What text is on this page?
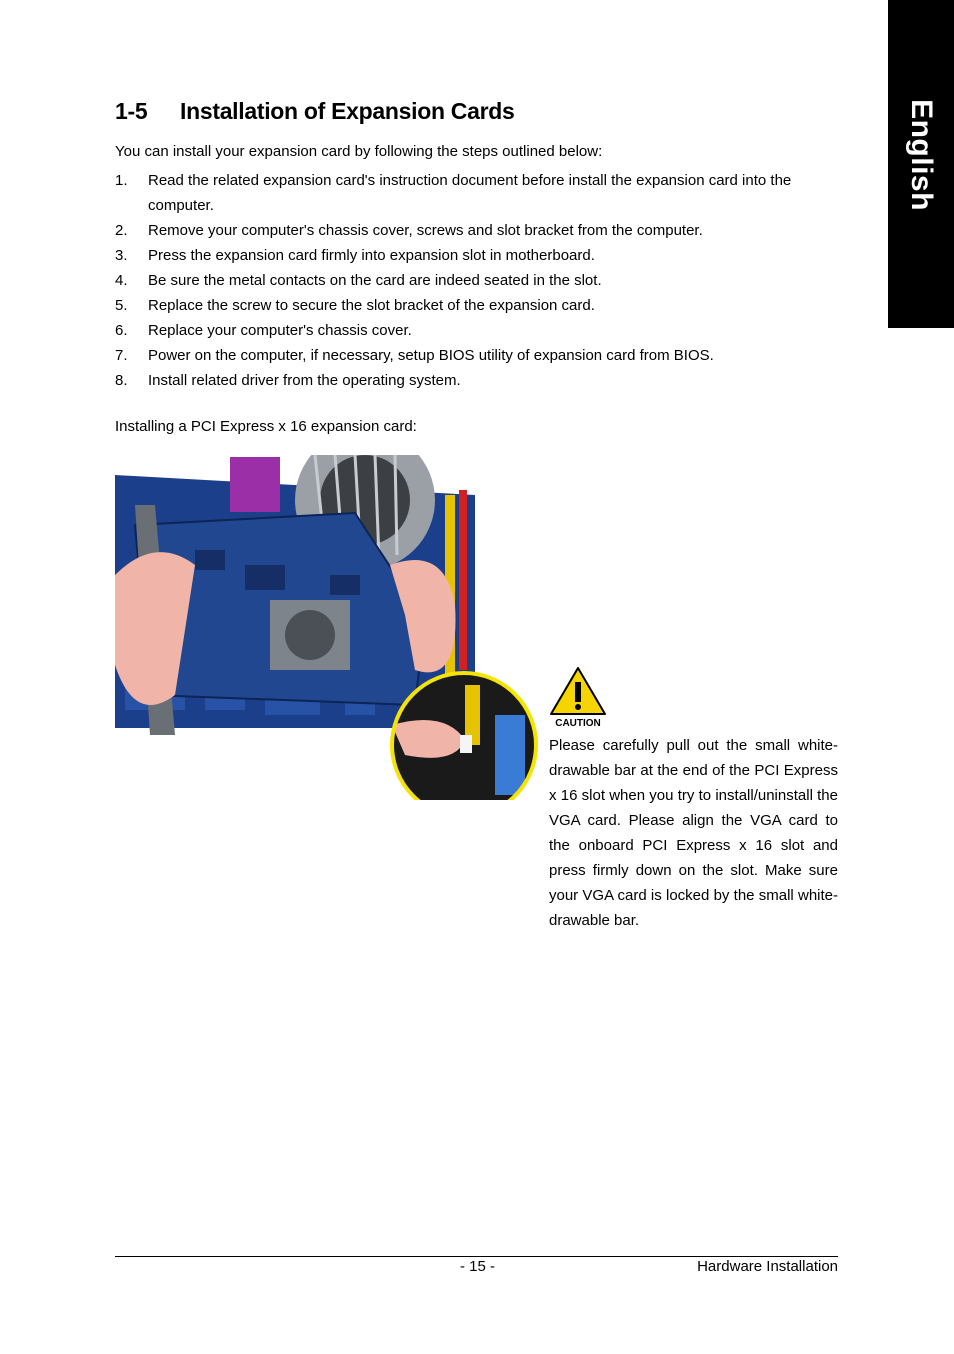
English
1-5 Installation of Expansion Cards
You can install your expansion card by following the steps outlined below:
1. Read the related expansion card's instruction document before install the expansion card into the computer.
2. Remove your computer's chassis cover, screws and slot bracket from the computer.
3. Press the expansion card firmly into expansion slot in motherboard.
4. Be sure the metal contacts on the card are indeed seated in the slot.
5. Replace the screw to secure the slot bracket of the expansion card.
6. Replace your computer's chassis cover.
7. Power on the computer, if necessary, setup BIOS utility of expansion card from BIOS.
8. Install related driver from the operating system.
Installing a PCI Express x 16 expansion card:
CAUTION
Please carefully pull out the small white-drawable bar at the end of the PCI Express x 16 slot when you try to install/uninstall the VGA card. Please align the VGA card to the onboard PCI Express x 16 slot and press firmly down on the slot. Make sure your VGA card is locked by the small white-drawable bar.
- 15 -	Hardware Installation
